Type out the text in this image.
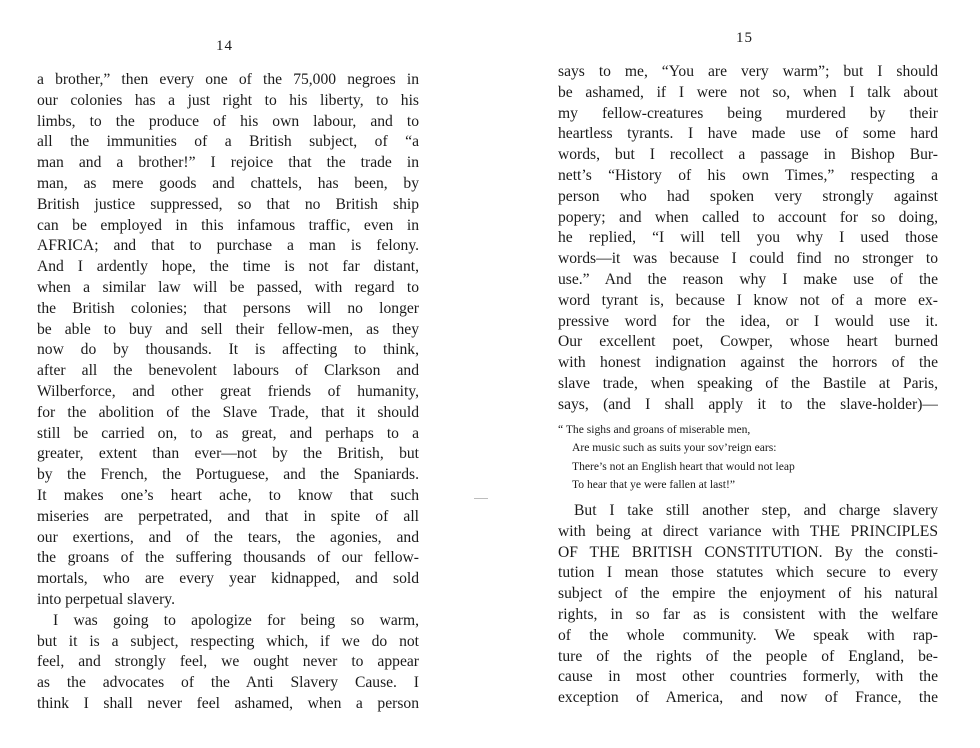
14
a brother,” then every one of the 75,000 negroes in
our colonies has a just right to his liberty, to his
limbs, to the produce of his own labour, and to
all the immunities of a British subject, of “a
man and a brother!” I rejoice that the trade in
man, as mere goods and chattels, has been, by
British justice suppressed, so that no British ship
can be employed in this infamous traffic, even in
AFRICA; and that to purchase a man is felony.
And I ardently hope, the time is not far distant,
when a similar law will be passed, with regard to
the British colonies; that persons will no longer
be able to buy and sell their fellow-men, as they
now do by thousands. It is affecting to think,
after all the benevolent labours of Clarkson and
Wilberforce, and other great friends of humanity,
for the abolition of the Slave Trade, that it should
still be carried on, to as great, and perhaps to a
greater, extent than ever—not by the British, but
by the French, the Portuguese, and the Spaniards.
It makes one’s heart ache, to know that such
miseries are perpetrated, and that in spite of all
our exertions, and of the tears, the agonies, and
the groans of the suffering thousands of our fellow-
mortals, who are every year kidnapped, and sold
into perpetual slavery.
I was going to apologize for being so warm,
but it is a subject, respecting which, if we do not
feel, and strongly feel, we ought never to appear
as the advocates of the Anti Slavery Cause. I
think I shall never feel ashamed, when a person
15
says to me, “You are very warm”; but I should
be ashamed, if I were not so, when I talk about
my fellow-creatures being murdered by their
heartless tyrants. I have made use of some hard
words, but I recollect a passage in Bishop Bur-
nett’s “History of his own Times,” respecting a
person who had spoken very strongly against
popery; and when called to account for so doing,
he replied, “I will tell you why I used those
words—it was because I could find no stronger to
use.” And the reason why I make use of the
word tyrant is, because I know not of a more ex-
pressive word for the idea, or I would use it.
Our excellent poet, Cowper, whose heart burned
with honest indignation against the horrors of the
slave trade, when speaking of the Bastile at Paris,
says, (and I shall apply it to the slave-holder)—
“ The sighs and groans of miserable men,
Are music such as suits your sov’reign ears:
There’s not an English heart that would not leap
To hear that ye were fallen at last!”
But I take still another step, and charge slavery
with being at direct variance with THE PRINCIPLES
OF THE BRITISH CONSTITUTION. By the consti-
tution I mean those statutes which secure to every
subject of the empire the enjoyment of his natural
rights, in so far as is consistent with the welfare
of the whole community. We speak with rap-
ture of the rights of the people of England, be-
cause in most other countries formerly, with the
exception of America, and now of France, the
